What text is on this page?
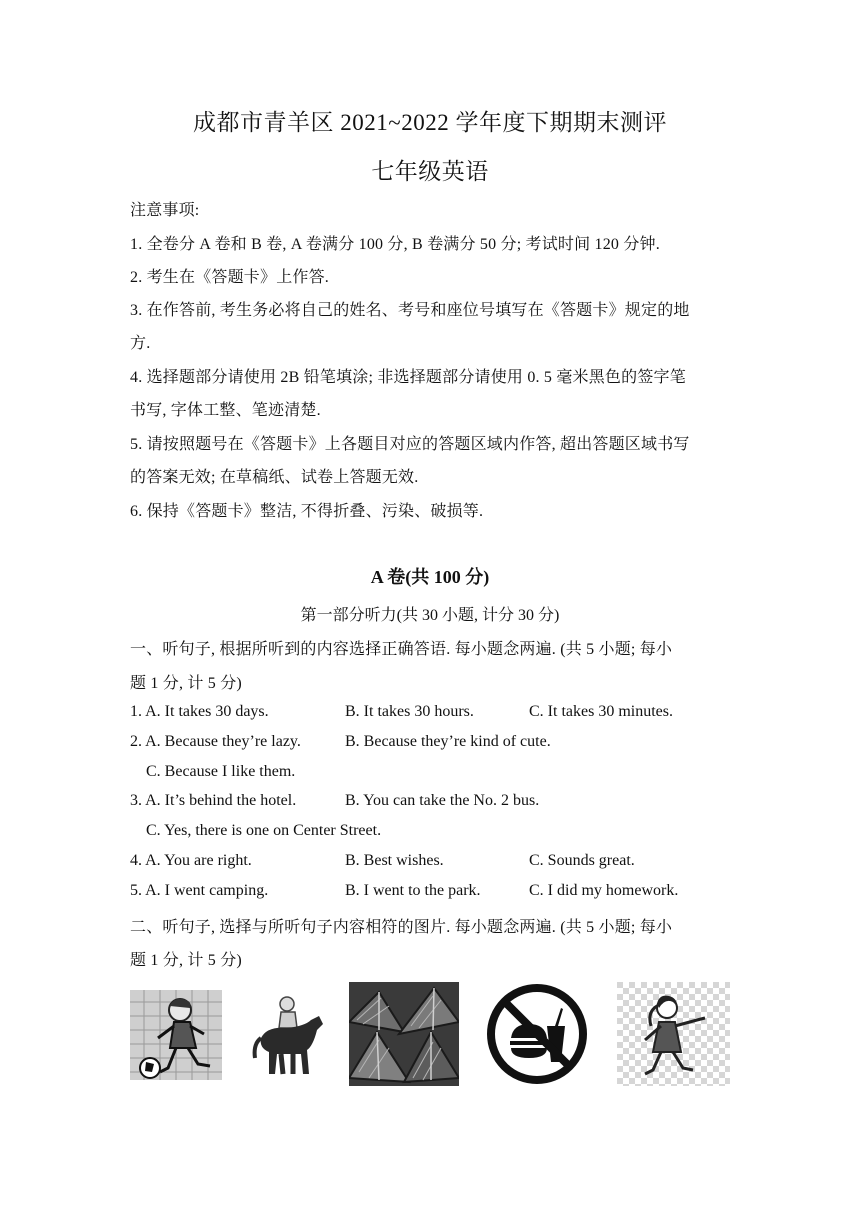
成都市青羊区 2021~2022 学年度下期期末测评
七年级英语
注意事项:
1. 全卷分 A 卷和 B 卷, A 卷满分 100 分, B 卷满分 50 分; 考试时间 120 分钟.
2. 考生在《答题卡》上作答.
3. 在作答前, 考生务必将自己的姓名、考号和座位号填写在《答题卡》规定的地
方.
4. 选择题部分请使用 2B 铅笔填涂; 非选择题部分请使用 0. 5 毫米黑色的签字笔
书写, 字体工整、笔迹清楚.
5. 请按照题号在《答题卡》上各题目对应的答题区域内作答, 超出答题区域书写
的答案无效; 在草稿纸、试卷上答题无效.
6. 保持《答题卡》整洁, 不得折叠、污染、破损等.
A 卷(共 100 分)
第一部分听力(共 30 小题, 计分 30 分)
一、听句子, 根据所听到的内容选择正确答语. 每小题念两遍. (共 5 小题; 每小
题 1 分, 计 5 分)
1. A. It takes 30 days.	B. It takes 30 hours.	C. It takes 30 minutes.
2. A. Because they’re lazy.	B. Because they’re kind of cute.
C. Because I like them.
3. A. It’s behind the hotel.	B. You can take the No. 2 bus.
C. Yes, there is one on Center Street.
4. A. You are right.	B. Best wishes.	C. Sounds great.
5. A. I went camping.	B. I went to the park.	C. I did my homework.
二、听句子, 选择与所听句子内容相符的图片. 每小题念两遍. (共 5 小题; 每小
题 1 分, 计 5 分)
